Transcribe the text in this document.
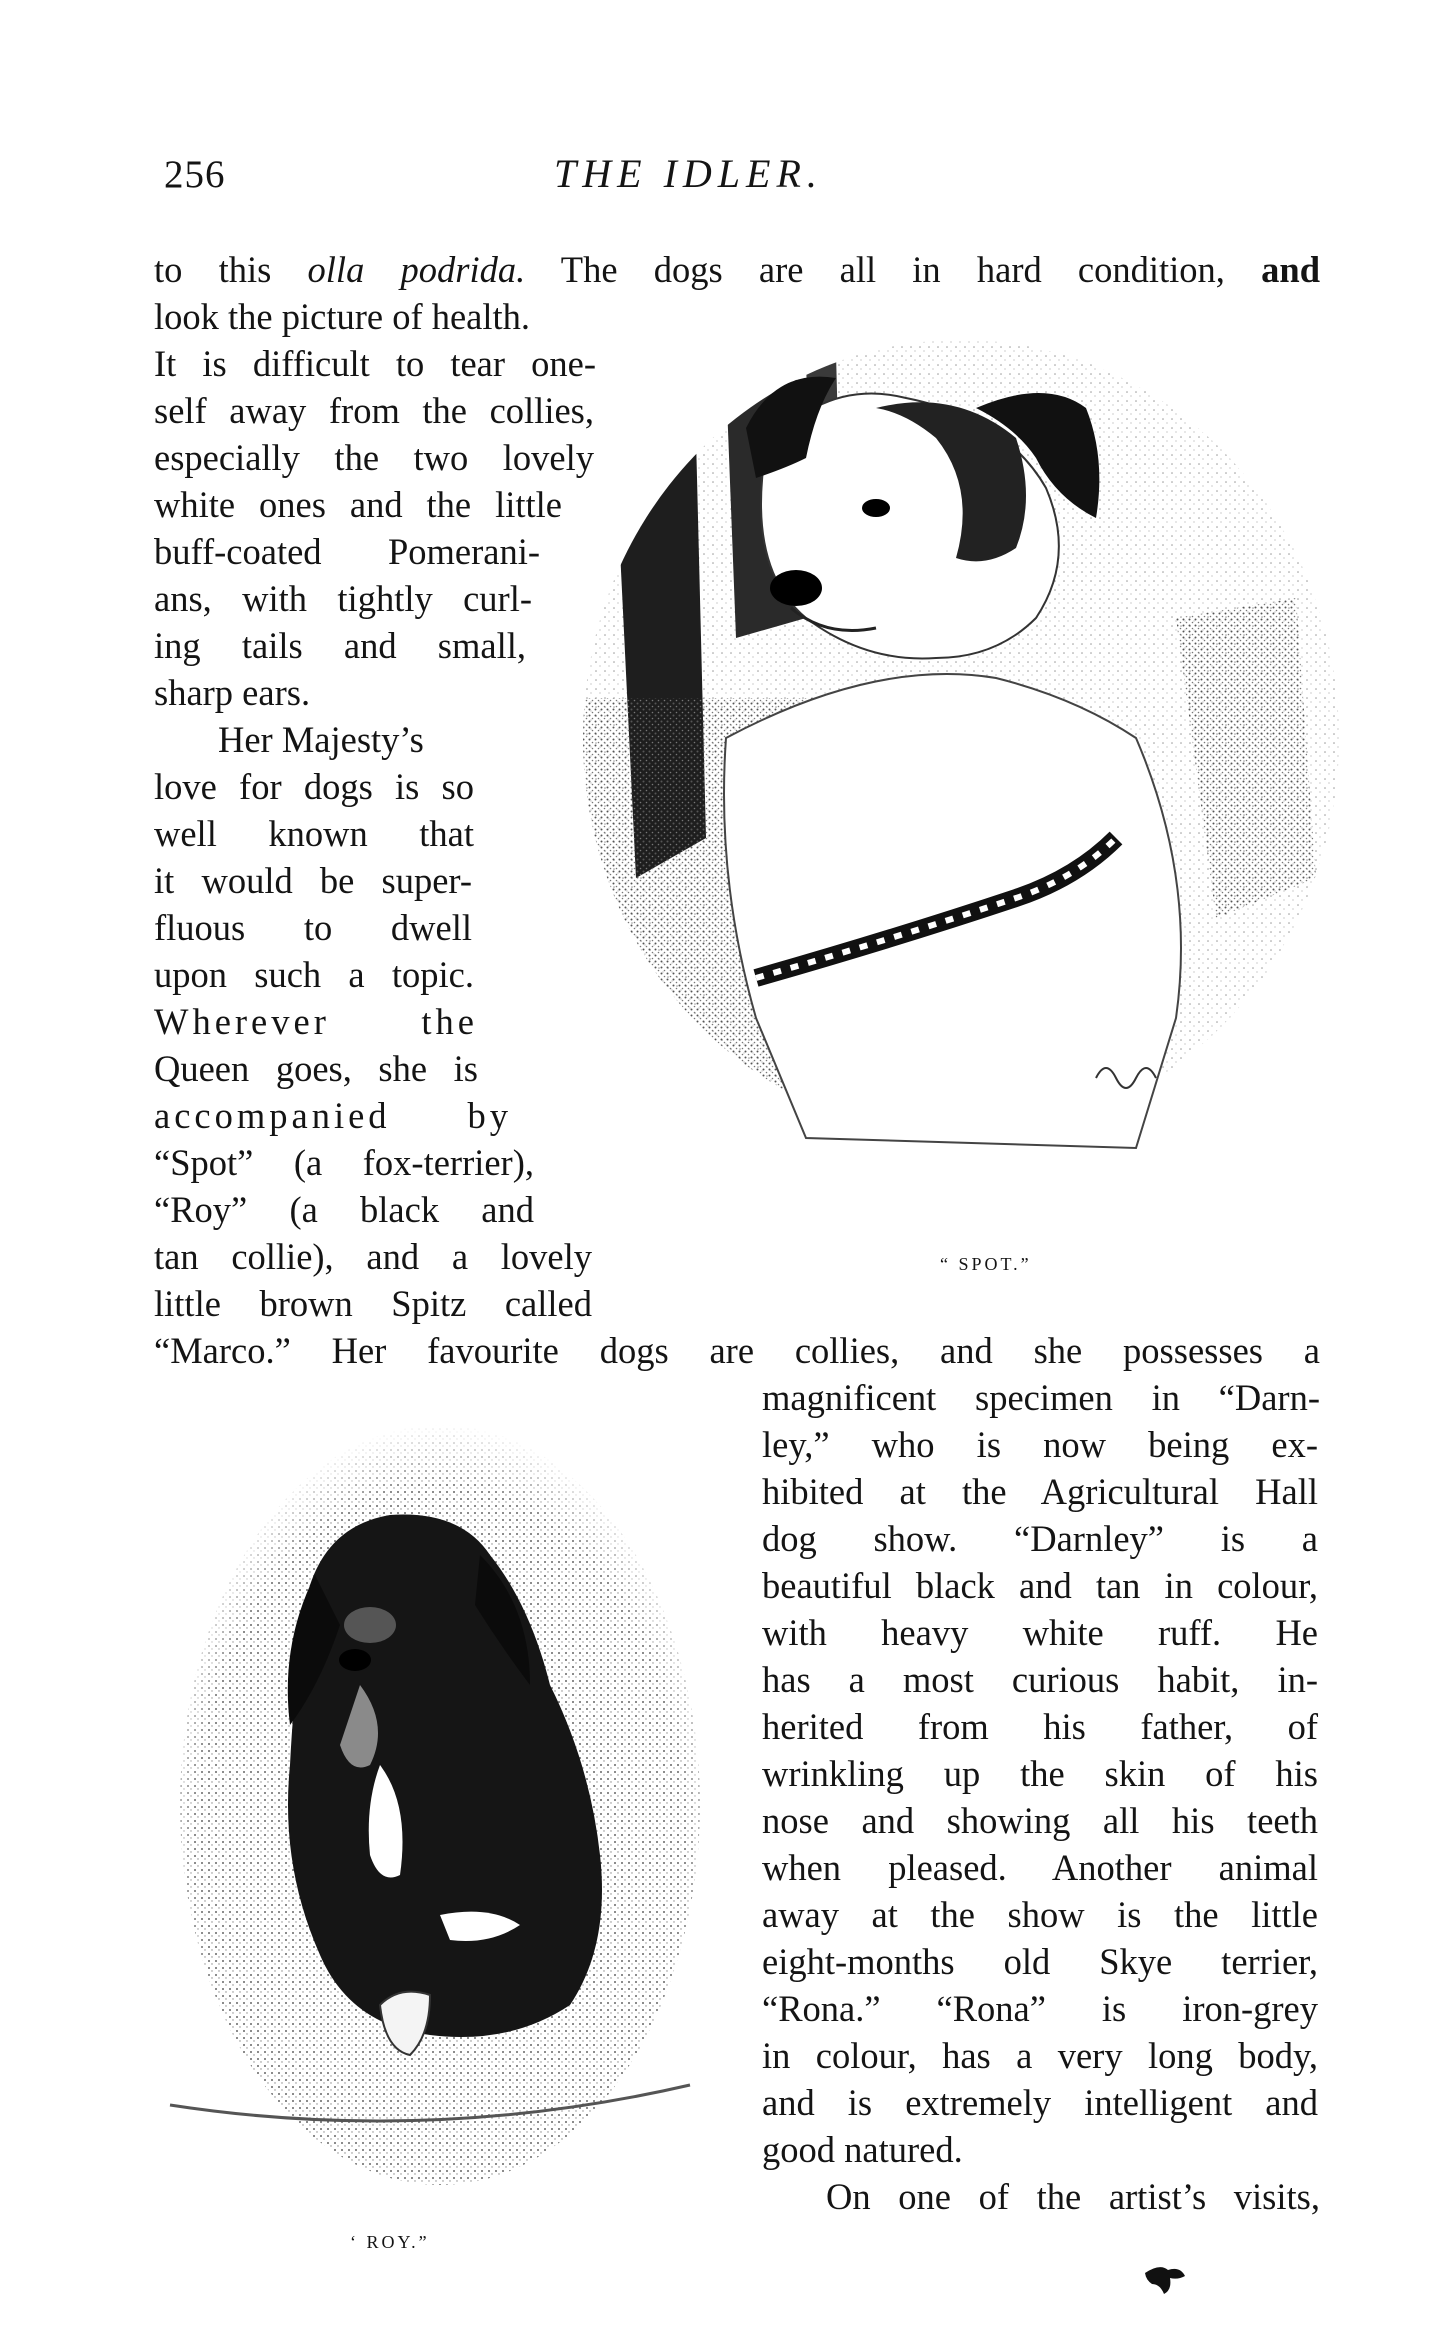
256	THE IDLER.
to this olla podrida. The dogs are all in hard condition, and
look the picture of health.
It is difficult to tear one-
self away from the collies,
especially the two lovely
white ones and the little
buff-coated Pomerani-
ans, with tightly curl-
ing tails and small,
sharp ears.
Her Majesty’s
love for dogs is so
well known that
it would be super-
fluous to dwell
upon such a topic.
Wherever the
Queen goes, she is
accompanied by
“Spot” (a fox-terrier),
“Roy” (a black and
tan collie), and a lovely
little brown Spitz called
“Marco.” Her favourite dogs are collies, and she possesses a
magnificent specimen in “Darn-
ley,” who is now being ex-
hibited at the Agricultural Hall
dog show. “Darnley” is a
beautiful black and tan in colour,
with heavy white ruff. He
has a most curious habit, in-
herited from his father, of
wrinkling up the skin of his
nose and showing all his teeth
when pleased. Another animal
away at the show is the little
eight-months old Skye terrier,
“Rona.” “Rona” is iron-grey
in colour, has a very long body,
and is extremely intelligent and
good natured.
On one of the artist’s visits,
“ SPOT.”
‘ ROY.”
